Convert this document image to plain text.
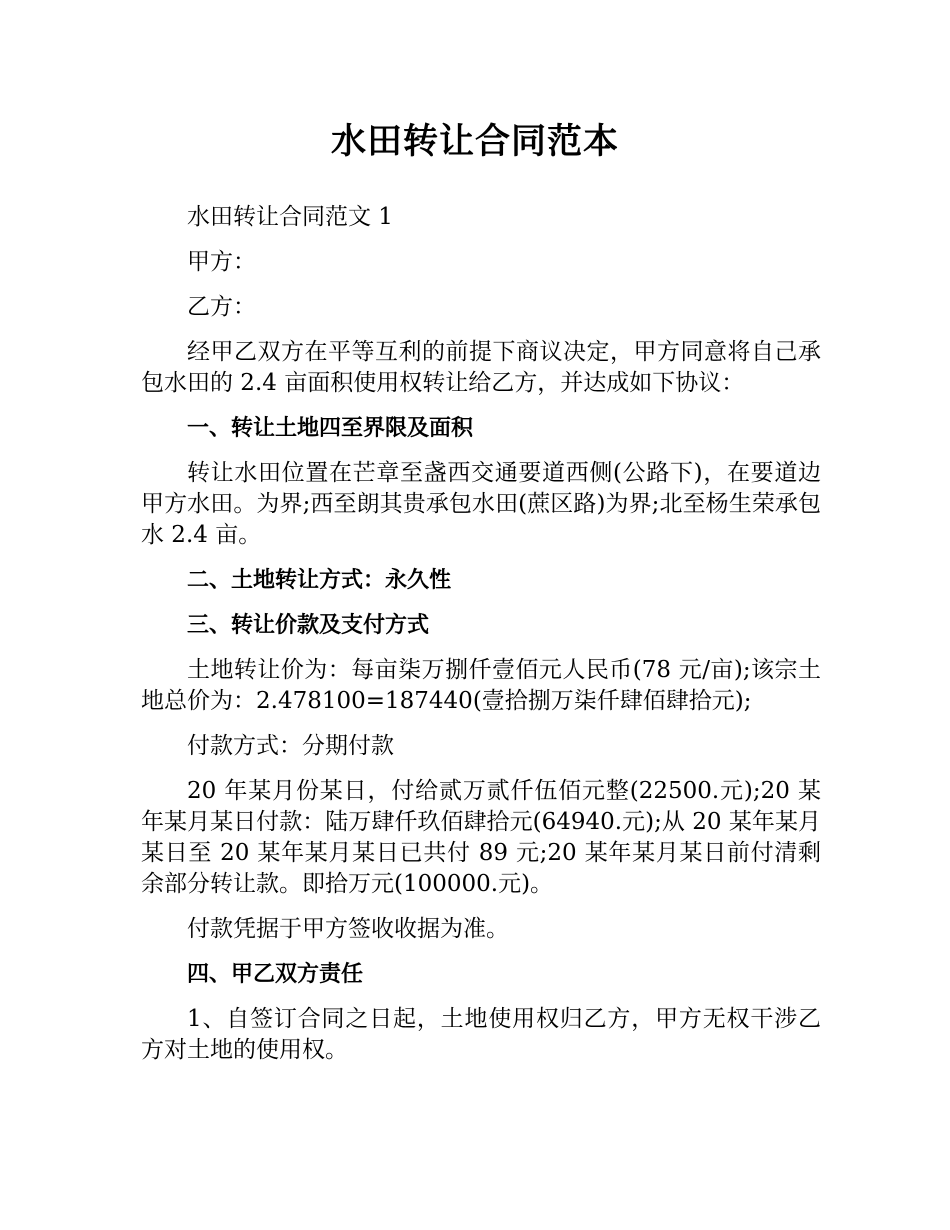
水田转让合同范本

水田转让合同范文 1

甲方：

乙方：

经甲乙双方在平等互利的前提下商议决定，甲方同意将自己承包水田的 2.4 亩面积使用权转让给乙方，并达成如下协议：

一、转让土地四至界限及面积

转让水田位置在芒章至盏西交通要道西侧(公路下)，在要道边甲方水田。为界;西至朗其贵承包水田(蔗区路)为界;北至杨生荣承包水 2.4 亩。

二、土地转让方式：永久性

三、转让价款及支付方式

土地转让价为：每亩柒万捌仟壹佰元人民币(78 元/亩);该宗土地总价为：2.478100=187440(壹拾捌万柒仟肆佰肆拾元);

付款方式：分期付款

20 年某月份某日，付给贰万贰仟伍佰元整(22500.元);20 某年某月某日付款：陆万肆仟玖佰肆拾元(64940.元);从 20 某年某月某日至 20 某年某月某日已共付 89 元;20 某年某月某日前付清剩余部分转让款。即拾万元(100000.元)。

付款凭据于甲方签收收据为准。

四、甲乙双方责任

1、自签订合同之日起，土地使用权归乙方，甲方无权干涉乙方对土地的使用权。
